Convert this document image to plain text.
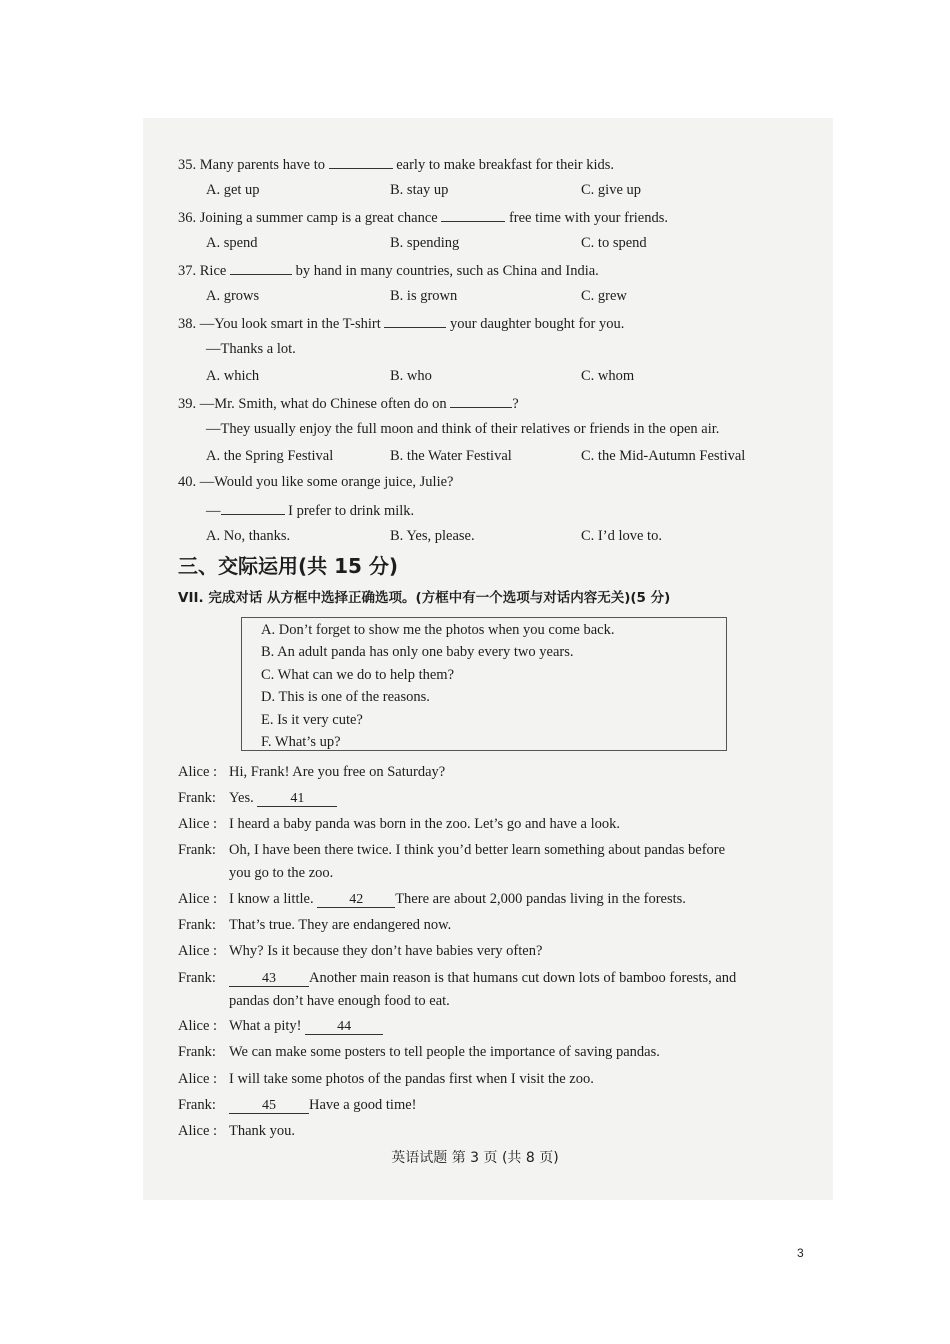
35. Many parents have to	early to make breakfast for their kids.
A. get up	B. stay up	C. give up
36. Joining a summer camp is a great chance	free time with your friends.
A. spend	B. spending	C. to spend
37. Rice	by hand in many countries, such as China and India.
A. grows	B. is grown	C. grew
38. —You look smart in the T-shirt	your daughter bought for you.
—Thanks a lot.
A. which	B. who	C. whom
39. —Mr. Smith, what do Chinese often do on	?
—They usually enjoy the full moon and think of their relatives or friends in the open air.
A. the Spring Festival	B. the Water Festival	C. the Mid-Autumn Festival
40. —Would you like some orange juice, Julie?
—	I prefer to drink milk.
A. No, thanks.	B. Yes, please.	C. I’d love to.
三、交际运用(共 15 分)
VII. 完成对话 从方框中选择正确选项。(方框中有一个选项与对话内容无关)(5 分)
A. Don’t forget to show me the photos when you come back.
B. An adult panda has only one baby every two years.
C. What can we do to help them?
D. This is one of the reasons.
E. Is it very cute?
F. What’s up?
Alice : Hi, Frank! Are you free on Saturday?
Frank: Yes.	41
Alice : I heard a baby panda was born in the zoo. Let’s go and have a look.
Frank: Oh, I have been there twice. I think you’d better learn something about pandas before
you go to the zoo.
Alice : I know a little.	42 There are about 2,000 pandas living in the forests.
Frank: That’s true. They are endangered now.
Alice : Why? Is it because they don’t have babies very often?
Frank:	43 Another main reason is that humans cut down lots of bamboo forests, and
pandas don’t have enough food to eat.
Alice : What a pity!	44
Frank: We can make some posters to tell people the importance of saving pandas.
Alice : I will take some photos of the pandas first when I visit the zoo.
Frank:	45 Have a good time!
Alice : Thank you.
英语试题 第 3 页 (共 8 页)
3
